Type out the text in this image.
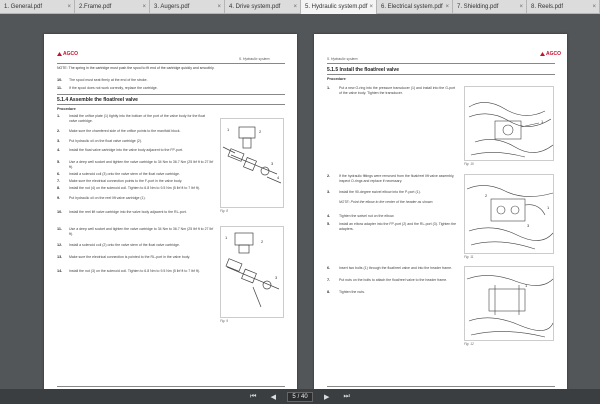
1. General.pdf	× 2.Frame.pdf	× 3. Augers.pdf	× 4. Drive system.pdf × 5. Hydraulic system.pdf × 6. Electrical system.pdf × 7. Shielding.pdf	× 8. Reels.pdf	×
AGCO
5. Hydraulic system
NOTE: The spring in the cartridge must push the spool to fit end of the cartridge quickly and smoothly.
10. The spool must seat firmly at the end of the stroke.
11. If the spool does not work correctly, replace the cartridge.
5.1.4 Assemble the float/reel valve
Procedure
1.	Install the orifice plate (1) tightly into the bottom of the port of the valve body for the float valve cartridge.
2.	Make sure the chamfered side of the orifice points to the manifold block.
3.	Put hydraulic oil on the float valve cartridge (2).
4.	Install the float valve cartridge into the valve body adjacent to the FP-port.
5.	Use a deep well socket and tighten the valve cartridge to 34 Nm to 36.7 Nm (25 lbf ft to 27 lbf ft).
6.	Install a solenoid coil (3) onto the valve stem of the float valve cartridge.
7.	Make sure the electrical connection points to the F-port in the valve body.
8.	Install the nut (4) on the solenoid coil. Tighten to 6.8 Nm to 9.5 Nm (5 lbf ft to 7 lbf ft).
9.	Put hydraulic oil on the reel lift valve cartridge (1).
10. Install the reel lift valve cartridge into the valve body adjacent to the RL-port.
11. Use a deep well socket and tighten the valve cartridge to 34 Nm to 36.7 Nm (25 lbf ft to 27 lbf ft).
12. Install a solenoid coil (2) onto the valve stem of the float valve cartridge.
13. Make sure the electrical connection is pointed to the RL-port in the valve body.
14. Install the nut (3) on the solenoid coil. Tighten to 6.8 Nm to 9.5 Nm (5 lbf ft to 7 lbf ft).
1	2
3
4
Fig. 8
1
2
3
Fig. 9
AGCO
5. Hydraulic system
5.1.5 Install the float/reel valve
Procedure
1.	Put a new O-ring into the pressure transducer (1) and install into the G-port of the valve body. Tighten the transducer.
2.	If the hydraulic fittings were removed from the float/reel lift valve assembly, inspect O-rings and replace if necessary.
3.	Install the 90-degree swivel elbow into the P-port (1).
NOTE: Point the elbow to the center of the header as shown.
4.	Tighten the swivel nut on the elbow.
5.	Install an elbow adapter into the FP-port (2) and the RL-port (3). Tighten the adapters.
6.	Insert two bolts (1) through the float/reel valve and into the header frame.
7.	Put nuts on the bolts to attach the float/reel valve to the header frame.
8.	Tighten the nuts.
1
Fig. 10
1
2
3
Fig. 11
1
Fig. 12
⏮	◀	5 / 40	▶	⏭
